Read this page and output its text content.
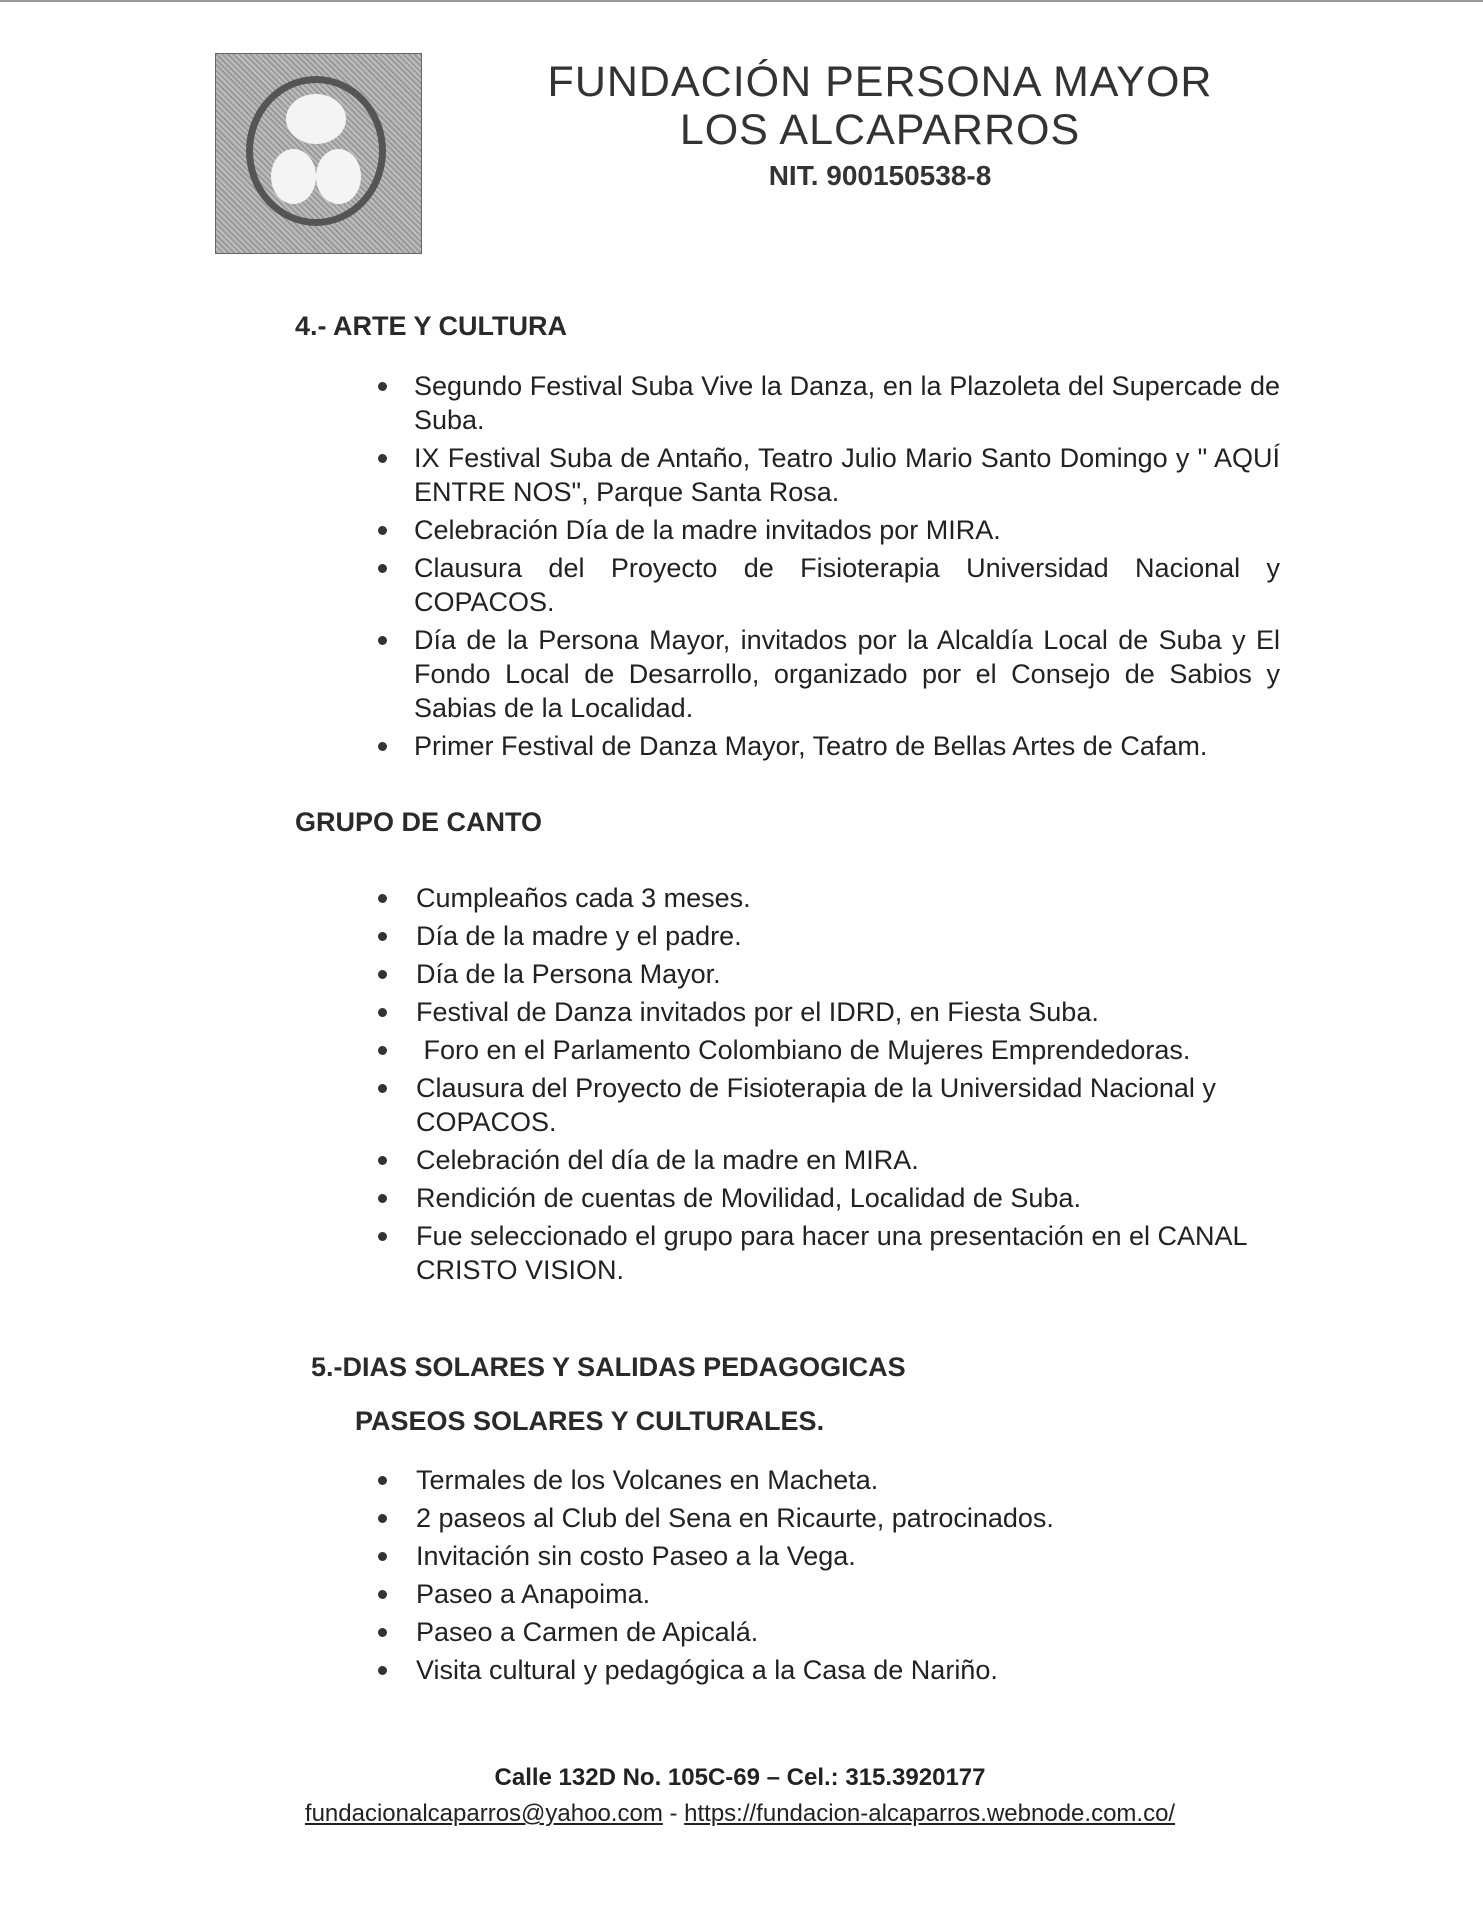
FUNDACIÓN PERSONA MAYOR
LOS ALCAPARROS
NIT. 900150538-8
4.- ARTE Y CULTURA
Segundo Festival Suba Vive la Danza, en la Plazoleta del Supercade de Suba.
IX Festival Suba de Antaño, Teatro Julio Mario Santo Domingo y " AQUÍ ENTRE NOS", Parque Santa Rosa.
Celebración Día de la madre invitados por MIRA.
Clausura del Proyecto de Fisioterapia Universidad Nacional y COPACOS.
Día de la Persona Mayor, invitados por la Alcaldía Local de Suba y El Fondo Local de Desarrollo, organizado por el Consejo de Sabios y Sabias de la Localidad.
Primer Festival de Danza Mayor, Teatro de Bellas Artes de Cafam.
GRUPO DE CANTO
Cumpleaños cada 3 meses.
Día de la madre y el padre.
Día de la Persona Mayor.
Festival de Danza invitados por el IDRD, en Fiesta Suba.
Foro en el Parlamento Colombiano de Mujeres Emprendedoras.
Clausura del Proyecto de Fisioterapia de la Universidad Nacional y COPACOS.
Celebración del día de la madre en MIRA.
Rendición de cuentas de Movilidad, Localidad de Suba.
Fue seleccionado el grupo para hacer una presentación en el CANAL CRISTO VISION.
5.-DIAS SOLARES Y SALIDAS PEDAGOGICAS
PASEOS SOLARES Y CULTURALES.
Termales de los Volcanes en Macheta.
2 paseos al Club del Sena en Ricaurte, patrocinados.
Invitación sin costo Paseo a la Vega.
Paseo a Anapoima.
Paseo a Carmen de Apicalá.
Visita cultural y pedagógica a la Casa de Nariño.
Calle 132D No. 105C-69 – Cel.: 315.3920177
fundacionalcaparros@yahoo.com - https://fundacion-alcaparros.webnode.com.co/
